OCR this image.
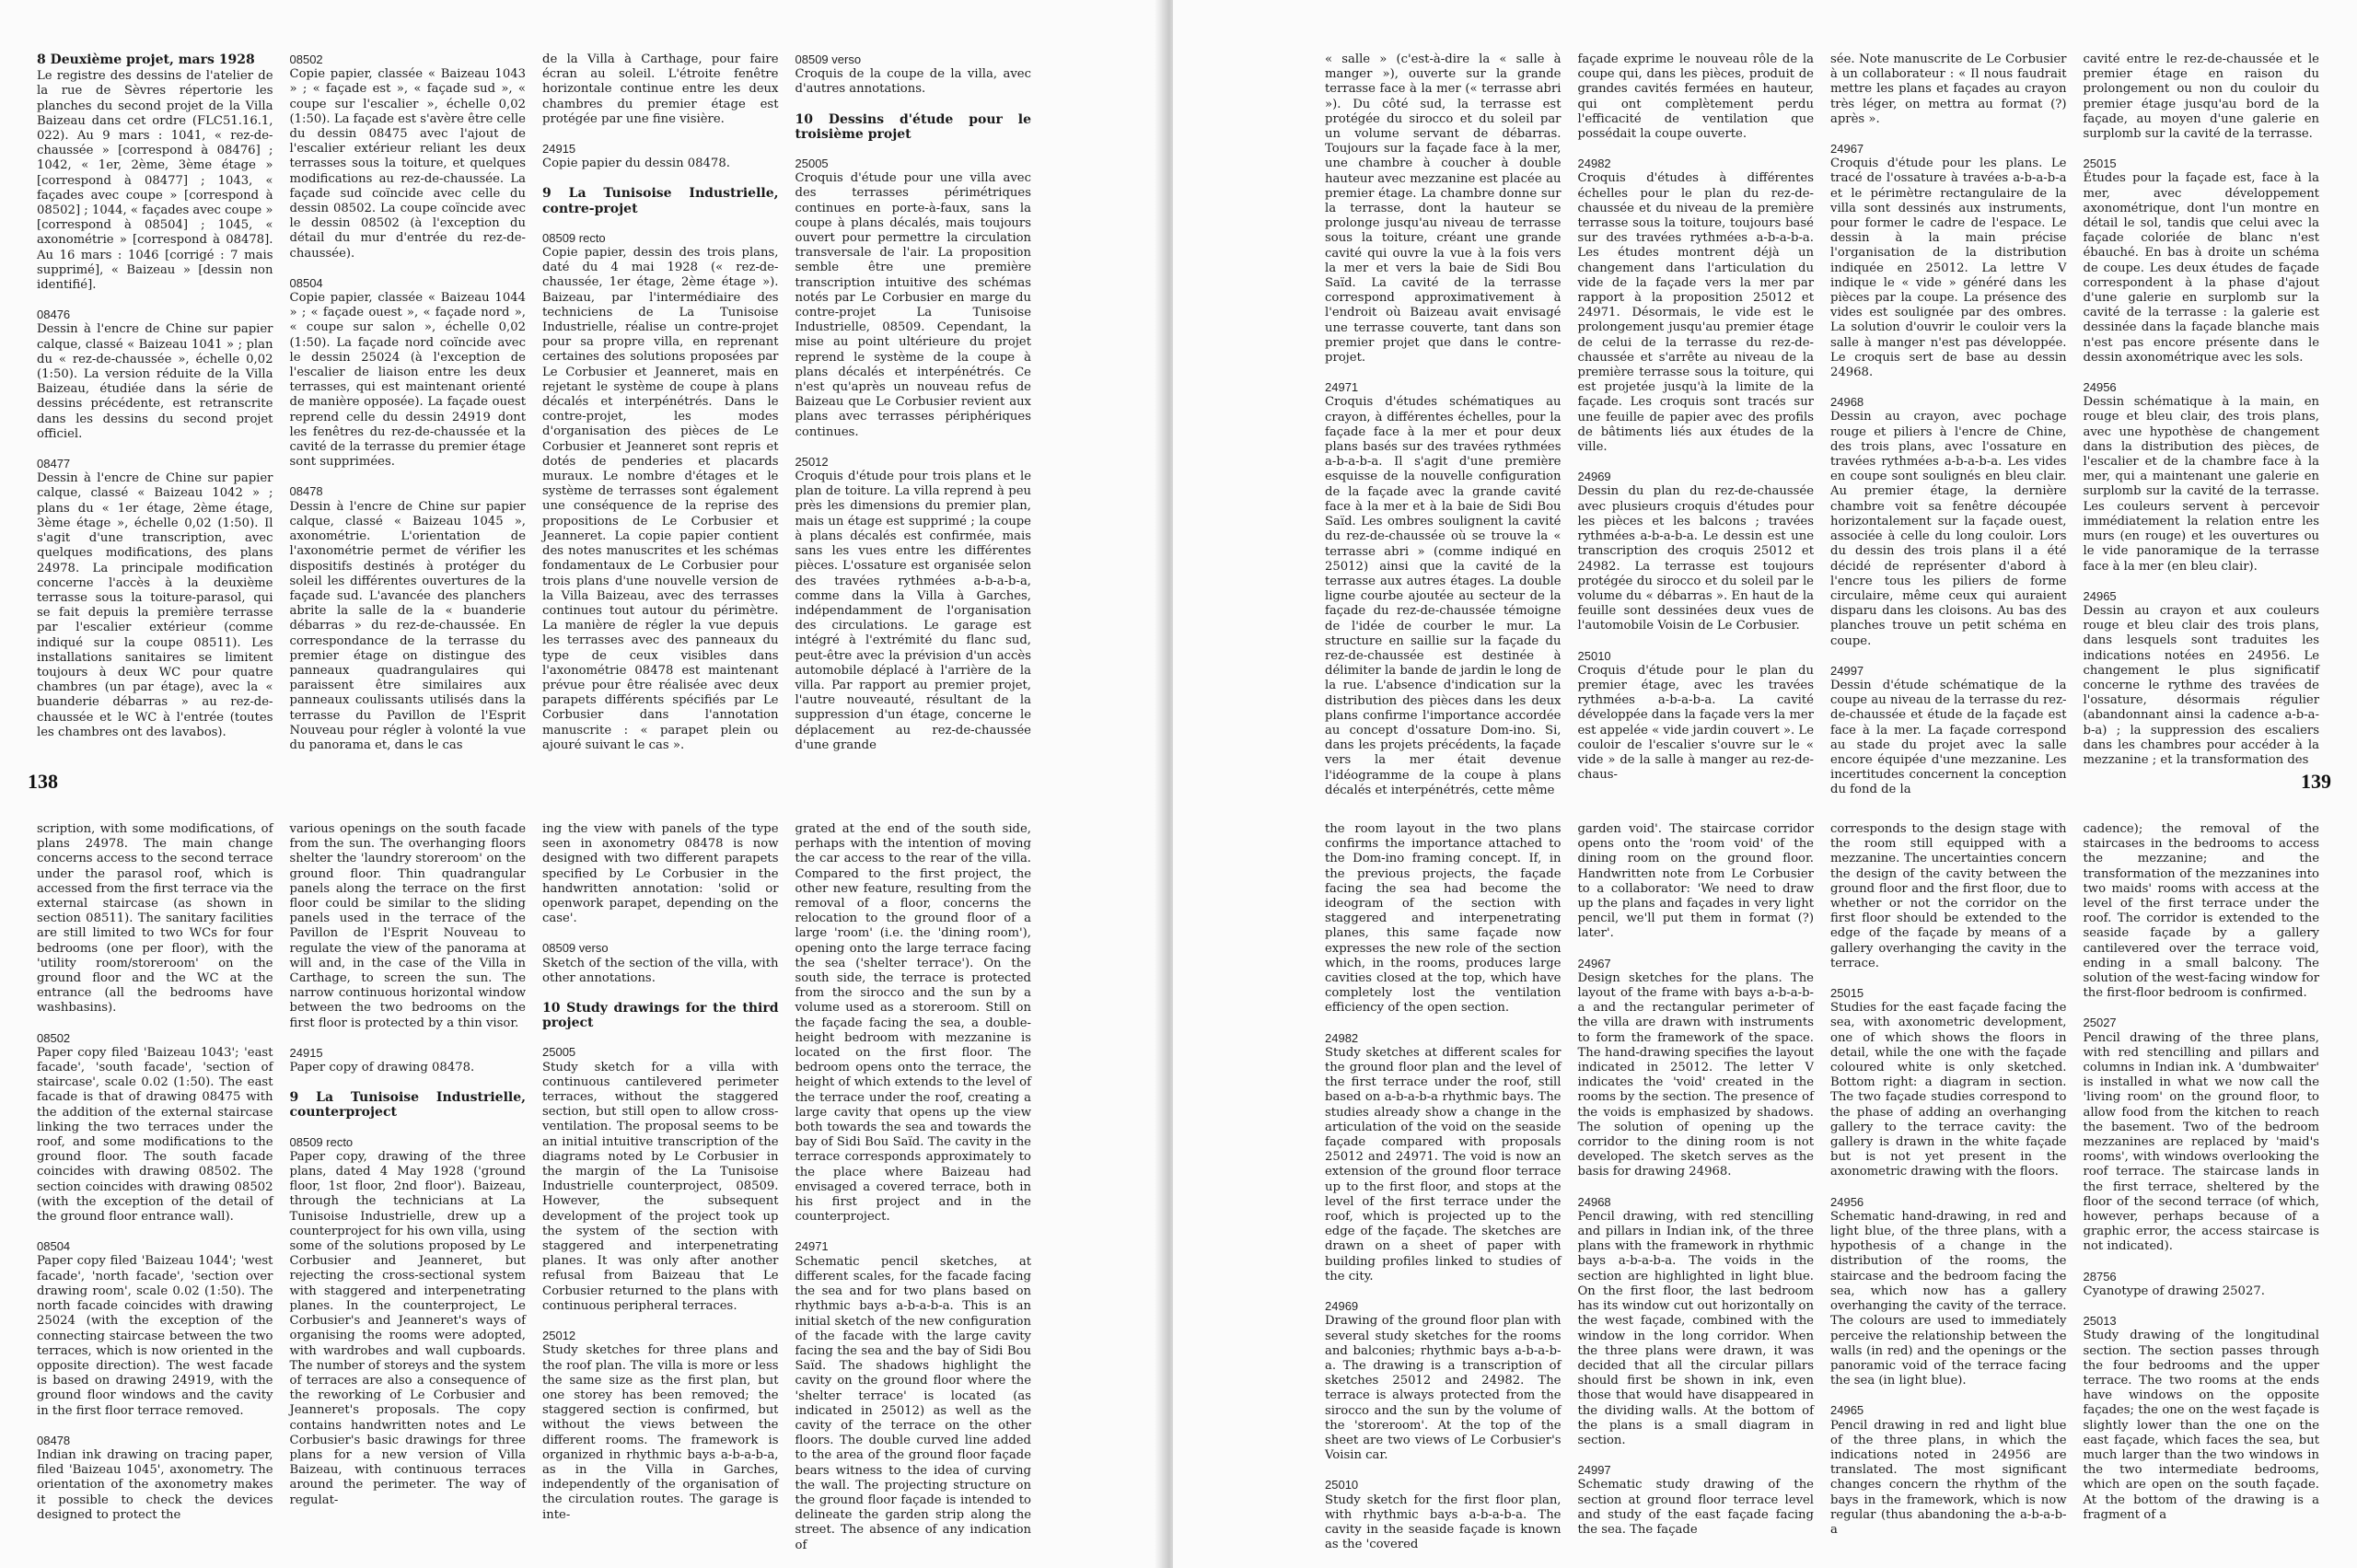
8 Deuxième projet, mars 1928
Le registre des dessins de l'atelier de la rue de Sèvres répertorie les planches du second projet de la Villa Baizeau dans cet ordre (FLC51.16.1, 022). Au 9 mars : 1041, « rez-de-chaussée » [correspond à 08476] ; 1042, « 1er, 2ème, 3ème étage » [correspond à 08477] ; 1043, « façades avec coupe » [correspond à 08502] ; 1044, « façades avec coupe » [correspond à 08504] ; 1045, « axonométrie » [correspond à 08478]. Au 16 mars : 1046 [corrigé : 7 mais supprimé], « Baizeau » [dessin non identifié].
08476
Dessin à l'encre de Chine sur papier calque, classé « Baizeau 1041 » ; plan du « rez-de-chaussée », échelle 0,02 (1:50). La version réduite de la Villa Baizeau, étudiée dans la série de dessins précédente, est retranscrite dans les dessins du second projet officiel.
08477
Dessin à l'encre de Chine sur papier calque, classé « Baizeau 1042 » ; plans du « 1er étage, 2ème étage, 3ème étage », échelle 0,02 (1:50). Il s'agit d'une transcription, avec quelques modifications, des plans 24978. La principale modification concerne l'accès à la deuxième terrasse sous la toiture-parasol, qui se fait depuis la première terrasse par l'escalier extérieur (comme indiqué sur la coupe 08511). Les installations sanitaires se limitent toujours à deux WC pour quatre chambres (un par étage), avec la « buanderie débarras » au rez-de-chaussée et le WC à l'entrée (toutes les chambres ont des lavabos).
08502
Copie papier, classée « Baizeau 1043 » ; « façade est », « façade sud », « coupe sur l'escalier », échelle 0,02 (1:50). La façade est s'avère être celle du dessin 08475 avec l'ajout de l'escalier extérieur reliant les deux terrasses sous la toiture, et quelques modifications au rez-de-chaussée. La façade sud coïncide avec celle du dessin 08502. La coupe coïncide avec le dessin 08502 (à l'exception du détail du mur d'entrée du rez-de-chaussée).
08504
Copie papier, classée « Baizeau 1044 » ; « façade ouest », « façade nord », « coupe sur salon », échelle 0,02 (1:50). La façade nord coïncide avec le dessin 25024 (à l'exception de l'escalier de liaison entre les deux terrasses, qui est maintenant orienté de manière opposée). La façade ouest reprend celle du dessin 24919 dont les fenêtres du rez-de-chaussée et la cavité de la terrasse du premier étage sont supprimées.
08478
Dessin à l'encre de Chine sur papier calque, classé « Baizeau 1045 », axonométrie. L'orientation de l'axonométrie permet de vérifier les dispositifs destinés à protéger du soleil les différentes ouvertures de la façade sud. L'avancée des planchers abrite la salle de la « buanderie débarras » du rez-de-chaussée. En correspondance de la terrasse du premier étage on distingue des panneaux quadrangulaires qui paraissent être similaires aux panneaux coulissants utilisés dans la terrasse du Pavillon de l'Esprit Nouveau pour régler à volonté la vue du panorama et, dans le cas
de la Villa à Carthage, pour faire écran au soleil. L'étroite fenêtre horizontale continue entre les deux chambres du premier étage est protégée par une fine visière.
24915
Copie papier du dessin 08478.
9 La Tunisoise Industrielle, contre-projet
08509 recto
Copie papier, dessin des trois plans, daté du 4 mai 1928 (« rez-de-chaussée, 1er étage, 2ème étage »). Baizeau, par l'intermédiaire des techniciens de La Tunisoise Industrielle, réalise un contre-projet pour sa propre villa, en reprenant certaines des solutions proposées par Le Corbusier et Jeanneret, mais en rejetant le système de coupe à plans décalés et interpénétrés. Dans le contre-projet, les modes d'organisation des pièces de Le Corbusier et Jeanneret sont repris et dotés de penderies et placards muraux. Le nombre d'étages et le système de terrasses sont également une conséquence de la reprise des propositions de Le Corbusier et Jeanneret. La copie papier contient des notes manuscrites et les schémas fondamentaux de Le Corbusier pour trois plans d'une nouvelle version de la Villa Baizeau, avec des terrasses continues tout autour du périmètre. La manière de régler la vue depuis les terrasses avec des panneaux du type de ceux visibles dans l'axonométrie 08478 est maintenant prévue pour être réalisée avec deux parapets différents spécifiés par Le Corbusier dans l'annotation manuscrite : « parapet plein ou ajouré suivant le cas ».
08509 verso
Croquis de la coupe de la villa, avec d'autres annotations.
10 Dessins d'étude pour le troisième projet
25005
Croquis d'étude pour une villa avec des terrasses périmétriques continues en porte-à-faux, sans la coupe à plans décalés, mais toujours ouvert pour permettre la circulation transversale de l'air. La proposition semble être une première transcription intuitive des schémas notés par Le Corbusier en marge du contre-projet La Tunisoise Industrielle, 08509. Cependant, la mise au point ultérieure du projet reprend le système de la coupe à plans décalés et interpénétrés. Ce n'est qu'après un nouveau refus de Baizeau que Le Corbusier revient aux plans avec terrasses périphériques continues.
25012
Croquis d'étude pour trois plans et le plan de toiture. La villa reprend à peu près les dimensions du premier plan, mais un étage est supprimé ; la coupe à plans décalés est confirmée, mais sans les vues entre les différentes pièces. L'ossature est organisée selon des travées rythmées a-b-a-b-a, comme dans la Villa à Garches, indépendamment de l'organisation des circulations. Le garage est intégré à l'extrémité du flanc sud, peut-être avec la prévision d'un accès automobile déplacé à l'arrière de la villa. Par rapport au premier projet, l'autre nouveauté, résultant de la suppression d'un étage, concerne le déplacement au rez-de-chaussée d'une grande
138
scription, with some modifications, of plans 24978. The main change concerns access to the second terrace under the parasol roof, which is accessed from the first terrace via the external staircase (as shown in section 08511). The sanitary facilities are still limited to two WCs for four bedrooms (one per floor), with the 'utility room/storeroom' on the ground floor and the WC at the entrance (all the bedrooms have washbasins).
08502
Paper copy filed 'Baizeau 1043'; 'east facade', 'south facade', 'section of staircase', scale 0.02 (1:50). The east facade is that of drawing 08475 with the addition of the external staircase linking the two terraces under the roof, and some modifications to the ground floor. The south facade coincides with drawing 08502. The section coincides with drawing 08502 (with the exception of the detail of the ground floor entrance wall).
08504
Paper copy filed 'Baizeau 1044'; 'west facade', 'north facade', 'section over drawing room', scale 0.02 (1:50). The north facade coincides with drawing 25024 (with the exception of the connecting staircase between the two terraces, which is now oriented in the opposite direction). The west facade is based on drawing 24919, with the ground floor windows and the cavity in the first floor terrace removed.
08478
Indian ink drawing on tracing paper, filed 'Baizeau 1045', axonometry. The orientation of the axonometry makes it possible to check the devices designed to protect the
various openings on the south facade from the sun. The overhanging floors shelter the 'laundry storeroom' on the ground floor. Thin quadrangular panels along the terrace on the first floor could be similar to the sliding panels used in the terrace of the Pavillon de l'Esprit Nouveau to regulate the view of the panorama at will and, in the case of the Villa in Carthage, to screen the sun. The narrow continuous horizontal window between the two bedrooms on the first floor is protected by a thin visor.
24915
Paper copy of drawing 08478.
9 La Tunisoise Industrielle, counterproject
08509 recto
Paper copy, drawing of the three plans, dated 4 May 1928 ('ground floor, 1st floor, 2nd floor'). Baizeau, through the technicians at La Tunisoise Industrielle, drew up a counterproject for his own villa, using some of the solutions proposed by Le Corbusier and Jeanneret, but rejecting the cross-sectional system with staggered and interpenetrating planes. In the counterproject, Le Corbusier's and Jeanneret's ways of organising the rooms were adopted, with wardrobes and wall cupboards. The number of storeys and the system of terraces are also a consequence of the reworking of Le Corbusier and Jeanneret's proposals. The copy contains handwritten notes and Le Corbusier's basic drawings for three plans for a new version of Villa Baizeau, with continuous terraces around the perimeter. The way of regulat-
ing the view with panels of the type seen in axonometry 08478 is now designed with two different parapets specified by Le Corbusier in the handwritten annotation: 'solid or openwork parapet, depending on the case'.
08509 verso
Sketch of the section of the villa, with other annotations.
10 Study drawings for the third project
25005
Study sketch for a villa with continuous cantilevered perimeter terraces, without the staggered section, but still open to allow cross-ventilation. The proposal seems to be an initial intuitive transcription of the diagrams noted by Le Corbusier in the margin of the La Tunisoise Industrielle counterproject, 08509. However, the subsequent development of the project took up the system of the section with staggered and interpenetrating planes. It was only after another refusal from Baizeau that Le Corbusier returned to the plans with continuous peripheral terraces.
25012
Study sketches for three plans and the roof plan. The villa is more or less the same size as the first plan, but one storey has been removed; the staggered section is confirmed, but without the views between the different rooms. The framework is organized in rhythmic bays a-b-a-b-a, as in the Villa in Garches, independently of the organisation of the circulation routes. The garage is inte-
grated at the end of the south side, perhaps with the intention of moving the car access to the rear of the villa. Compared to the first project, the other new feature, resulting from the removal of a floor, concerns the relocation to the ground floor of a large 'room' (i.e. the 'dining room'), opening onto the large terrace facing the sea ('shelter terrace'). On the south side, the terrace is protected from the sirocco and the sun by a volume used as a storeroom. Still on the façade facing the sea, a double-height bedroom with mezzanine is located on the first floor. The bedroom opens onto the terrace, the height of which extends to the level of the terrace under the roof, creating a large cavity that opens up the view both towards the sea and towards the bay of Sidi Bou Saïd. The cavity in the terrace corresponds approximately to the place where Baizeau had envisaged a covered terrace, both in his first project and in the counterproject.
24971
Schematic pencil sketches, at different scales, for the facade facing the sea and for two plans based on rhythmic bays a-b-a-b-a. This is an initial sketch of the new configuration of the facade with the large cavity facing the sea and the bay of Sidi Bou Saïd. The shadows highlight the cavity on the ground floor where the 'shelter terrace' is located (as indicated in 25012) as well as the cavity of the terrace on the other floors. The double curved line added to the area of the ground floor façade bears witness to the idea of curving the wall. The projecting structure on the ground floor façade is intended to delineate the garden strip along the street. The absence of any indication of
« salle » (c'est-à-dire la « salle à manger »), ouverte sur la grande terrasse face à la mer (« terrasse abri »). Du côté sud, la terrasse est protégée du sirocco et du soleil par un volume servant de débarras. Toujours sur la façade face à la mer, une chambre à coucher à double hauteur avec mezzanine est placée au premier étage. La chambre donne sur la terrasse, dont la hauteur se prolonge jusqu'au niveau de terrasse sous la toiture, créant une grande cavité qui ouvre la vue à la fois vers la mer et vers la baie de Sidi Bou Saïd. La cavité de la terrasse correspond approximativement à l'endroit où Baizeau avait envisagé une terrasse couverte, tant dans son premier projet que dans le contre-projet.
24971
Croquis d'études schématiques au crayon, à différentes échelles, pour la façade face à la mer et pour deux plans basés sur des travées rythmées a-b-a-b-a. Il s'agit d'une première esquisse de la nouvelle configuration de la façade avec la grande cavité face à la mer et à la baie de Sidi Bou Saïd. Les ombres soulignent la cavité du rez-de-chaussée où se trouve la « terrasse abri » (comme indiqué en 25012) ainsi que la cavité de la terrasse aux autres étages. La double ligne courbe ajoutée au secteur de la façade du rez-de-chaussée témoigne de l'idée de courber le mur. La structure en saillie sur la façade du rez-de-chaussée est destinée à délimiter la bande de jardin le long de la rue. L'absence d'indication sur la distribution des pièces dans les deux plans confirme l'importance accordée au concept d'ossature Dom-ino. Si, dans les projets précédents, la façade vers la mer était devenue l'idéogramme de la coupe à plans décalés et interpénétrés, cette même
façade exprime le nouveau rôle de la coupe qui, dans les pièces, produit de grandes cavités fermées en hauteur, qui ont complètement perdu l'efficacité de ventilation que possédait la coupe ouverte.
24982
Croquis d'études à différentes échelles pour le plan du rez-de-chaussée et du niveau de la première terrasse sous la toiture, toujours basé sur des travées rythmées a-b-a-b-a. Les études montrent déjà un changement dans l'articulation du vide de la façade vers la mer par rapport à la proposition 25012 et 24971. Désormais, le vide est le prolongement jusqu'au premier étage de celui de la terrasse du rez-de-chaussée et s'arrête au niveau de la première terrasse sous la toiture, qui est projetée jusqu'à la limite de la façade. Les croquis sont tracés sur une feuille de papier avec des profils de bâtiments liés aux études de la ville.
24969
Dessin du plan du rez-de-chaussée avec plusieurs croquis d'études pour les pièces et les balcons ; travées rythmées a-b-a-b-a. Le dessin est une transcription des croquis 25012 et 24982. La terrasse est toujours protégée du sirocco et du soleil par le volume du « débarras ». En haut de la feuille sont dessinées deux vues de l'automobile Voisin de Le Corbusier.
25010
Croquis d'étude pour le plan du premier étage, avec les travées rythmées a-b-a-b-a. La cavité développée dans la façade vers la mer est appelée « vide jardin couvert ». Le couloir de l'escalier s'ouvre sur le « vide » de la salle à manger au rez-de-chaus-
sée. Note manuscrite de Le Corbusier à un collaborateur : « Il nous faudrait mettre les plans et façades au crayon très léger, on mettra au format (?) après ».
24967
Croquis d'étude pour les plans. Le tracé de l'ossature à travées a-b-a-b-a et le périmètre rectangulaire de la villa sont dessinés aux instruments, pour former le cadre de l'espace. Le dessin à la main précise l'organisation de la distribution indiquée en 25012. La lettre V indique le « vide » généré dans les pièces par la coupe. La présence des vides est soulignée par des ombres. La solution d'ouvrir le couloir vers la salle à manger n'est pas développée. Le croquis sert de base au dessin 24968.
24968
Dessin au crayon, avec pochage rouge et piliers à l'encre de Chine, des trois plans, avec l'ossature en travées rythmées a-b-a-b-a. Les vides en coupe sont soulignés en bleu clair. Au premier étage, la dernière chambre voit sa fenêtre découpée horizontalement sur la façade ouest, associée à celle du long couloir. Lors du dessin des trois plans il a été décidé de représenter d'abord à l'encre tous les piliers de forme circulaire, même ceux qui auraient disparu dans les cloisons. Au bas des planches trouve un petit schéma en coupe.
24997
Dessin d'étude schématique de la coupe au niveau de la terrasse du rez-de-chaussée et étude de la façade est face à la mer. La façade correspond au stade du projet avec la salle encore équipée d'une mezzanine. Les incertitudes concernent la conception du fond de la
cavité entre le rez-de-chaussée et le premier étage en raison du prolongement ou non du couloir du premier étage jusqu'au bord de la façade, au moyen d'une galerie en surplomb sur la cavité de la terrasse.
25015
Études pour la façade est, face à la mer, avec développement axonométrique, dont l'un montre en détail le sol, tandis que celui avec la façade coloriée de blanc n'est ébauché. En bas à droite un schéma de coupe. Les deux études de façade correspondent à la phase d'ajout d'une galerie en surplomb sur la cavité de la terrasse : la galerie est dessinée dans la façade blanche mais n'est pas encore présente dans le dessin axonométrique avec les sols.
24956
Dessin schématique à la main, en rouge et bleu clair, des trois plans, avec une hypothèse de changement dans la distribution des pièces, de l'escalier et de la chambre face à la mer, qui a maintenant une galerie en surplomb sur la cavité de la terrasse. Les couleurs servent à percevoir immédiatement la relation entre les murs (en rouge) et les ouvertures ou le vide panoramique de la terrasse face à la mer (en bleu clair).
24965
Dessin au crayon et aux couleurs rouge et bleu clair des trois plans, dans lesquels sont traduites les indications notées en 24956. Le changement le plus significatif concerne le rythme des travées de l'ossature, désormais régulier (abandonnant ainsi la cadence a-b-a-b-a) ; la suppression des escaliers dans les chambres pour accéder à la mezzanine ; et la transformation des
139
the room layout in the two plans confirms the importance attached to the Dom-ino framing concept. If, in the previous projects, the façade facing the sea had become the ideogram of the section with staggered and interpenetrating planes, this same façade now expresses the new role of the section which, in the rooms, produces large cavities closed at the top, which have completely lost the ventilation efficiency of the open section.
24982
Study sketches at different scales for the ground floor plan and the level of the first terrace under the roof, still based on a-b-a-b-a rhythmic bays. The studies already show a change in the articulation of the void on the seaside façade compared with proposals 25012 and 24971. The void is now an extension of the ground floor terrace up to the first floor, and stops at the level of the first terrace under the roof, which is projected up to the edge of the façade. The sketches are drawn on a sheet of paper with building profiles linked to studies of the city.
24969
Drawing of the ground floor plan with several study sketches for the rooms and balconies; rhythmic bays a-b-a-b-a. The drawing is a transcription of sketches 25012 and 24982. The terrace is always protected from the sirocco and the sun by the volume of the 'storeroom'. At the top of the sheet are two views of Le Corbusier's Voisin car.
25010
Study sketch for the first floor plan, with rhythmic bays a-b-a-b-a. The cavity in the seaside façade is known as the 'covered
garden void'. The staircase corridor opens onto the 'room void' of the dining room on the ground floor. Handwritten note from Le Corbusier to a collaborator: 'We need to draw up the plans and façades in very light pencil, we'll put them in format (?) later'.
24967
Design sketches for the plans. The layout of the frame with bays a-b-a-b-a and the rectangular perimeter of the villa are drawn with instruments to form the framework of the space. The hand-drawing specifies the layout indicated in 25012. The letter V indicates the 'void' created in the rooms by the section. The presence of the voids is emphasized by shadows. The solution of opening up the corridor to the dining room is not developed. The sketch serves as the basis for drawing 24968.
24968
Pencil drawing, with red stencilling and pillars in Indian ink, of the three plans with the framework in rhythmic bays a-b-a-b-a. The voids in the section are highlighted in light blue. On the first floor, the last bedroom has its window cut out horizontally on the west façade, combined with the window in the long corridor. When the three plans were drawn, it was decided that all the circular pillars should first be shown in ink, even those that would have disappeared in the dividing walls. At the bottom of the plans is a small diagram in section.
24997
Schematic study drawing of the section at ground floor terrace level and study of the east façade facing the sea. The façade
corresponds to the design stage with the room still equipped with a mezzanine. The uncertainties concern the design of the cavity between the ground floor and the first floor, due to whether or not the corridor on the first floor should be extended to the edge of the façade by means of a gallery overhanging the cavity in the terrace.
25015
Studies for the east façade facing the sea, with axonometric development, one of which shows the floors in detail, while the one with the façade coloured white is only sketched. Bottom right: a diagram in section. The two façade studies correspond to the phase of adding an overhanging gallery to the terrace cavity: the gallery is drawn in the white façade but is not yet present in the axonometric drawing with the floors.
24956
Schematic hand-drawing, in red and light blue, of the three plans, with a hypothesis of a change in the distribution of the rooms, the staircase and the bedroom facing the sea, which now has a gallery overhanging the cavity of the terrace. The colours are used to immediately perceive the relationship between the walls (in red) and the openings or the panoramic void of the terrace facing the sea (in light blue).
24965
Pencil drawing in red and light blue of the three plans, in which the indications noted in 24956 are translated. The most significant changes concern the rhythm of the bays in the framework, which is now regular (thus abandoning the a-b-a-b-a
cadence); the removal of the staircases in the bedrooms to access the mezzanine; and the transformation of the mezzanines into two maids' rooms with access at the level of the first terrace under the roof. The corridor is extended to the seaside façade by a gallery cantilevered over the terrace void, ending in a small balcony. The solution of the west-facing window for the first-floor bedroom is confirmed.
25027
Pencil drawing of the three plans, with red stencilling and pillars and columns in Indian ink. A 'dumbwaiter' is installed in what we now call the 'living room' on the ground floor, to allow food from the kitchen to reach the basement. Two of the bedroom mezzanines are replaced by 'maid's rooms', with windows overlooking the roof terrace. The staircase lands in the first terrace, sheltered by the floor of the second terrace (of which, however, perhaps because of a graphic error, the access staircase is not indicated).
28756
Cyanotype of drawing 25027.
25013
Study drawing of the longitudinal section. The section passes through the four bedrooms and the upper terrace. The two rooms at the ends have windows on the opposite façades; the one on the west façade is slightly lower than the one on the east façade, which faces the sea, but much larger than the two windows in the two intermediate bedrooms, which are open on the south façade. At the bottom of the drawing is a fragment of a
